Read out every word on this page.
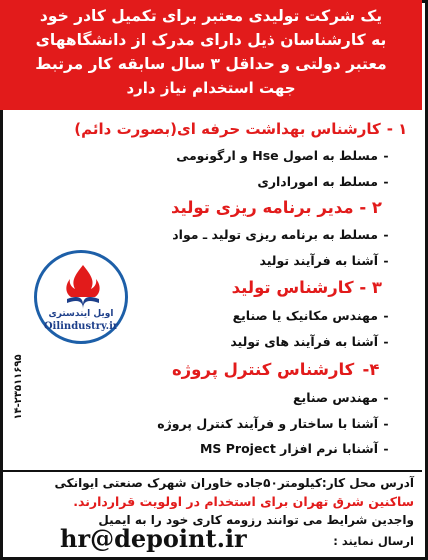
یک شرکت تولیدی معتبر برای تکمیل کادر خود
به کارشناسان ذیل دارای مدرک از دانشگاههای
معتبر دولتی و حداقل ۳ سال سابقه کار مرتبط
جهت استخدام نیاز دارد
۱ - کارشناس بهداشت حرفه ای(بصورت دائم)
-مسلط به اصول Hse و ارگونومی
-مسلط به اموراداری
۲ - مدیر برنامه ریزی تولید
-مسلط به برنامه ریزی تولید ـ مواد
-آشنا به فرآیند تولید
۳ - کارشناس تولید
-مهندس مکانیک یا صنایع
-آشنا به فرآیند های تولید
۴- کارشناس کنترل پروژه
-مهندس صنایع
-آشنا با ساختار و فرآیند کنترل پروژه
-آشنابا نرم افزار MS Project
اویل ایندستری
Oilindustry.ir
۱۴-۲۳۵۱۱۶۹۵
آدرس محل کار:کیلومتر۵۰جاده خاوران شهرک صنعتی ایوانکی
ساکنین شرق تهران برای استخدام در اولویت قراردارند.
واجدین شرایط می توانند رزومه کاری خود را به ایمیل
ارسال نمایند :
hr@depoint.ir
